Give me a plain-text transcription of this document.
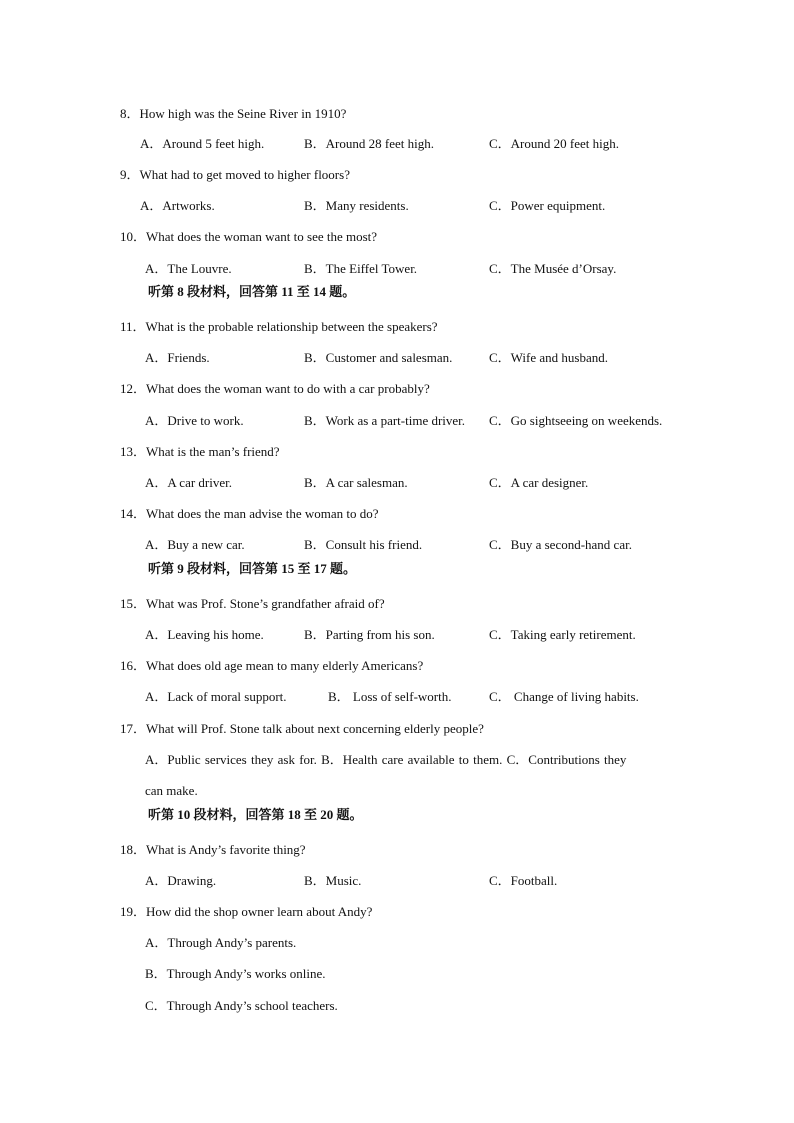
8．How high was the Seine River in 1910?
A．Around 5 feet high.	B．Around 28 feet high.	C．Around 20 feet high.
9．What had to get moved to higher floors?
A．Artworks.	B．Many residents.	C．Power equipment.
10．What does the woman want to see the most?
A．The Louvre.	B．The Eiffel Tower.	C．The Musée d’Orsay.
听第 8 段材料，回答第 11 至 14 题。
11．What is the probable relationship between the speakers?
A．Friends.	B．Customer and salesman.	C．Wife and husband.
12．What does the woman want to do with a car probably?
A．Drive to work.	B．Work as a part-time driver. C．Go sightseeing on weekends.
13．What is the man’s friend?
A．A car driver.	B．A car salesman.	C．A car designer.
14．What does the man advise the woman to do?
A．Buy a new car.	B．Consult his friend.	C．Buy a second-hand car.
听第 9 段材料，回答第 15 至 17 题。
15．What was Prof. Stone’s grandfather afraid of?
A．Leaving his home.	B．Parting from his son.	C．Taking early retirement.
16．What does old age mean to many elderly Americans?
A．Lack of moral support.	B． Loss of self-worth.	C． Change of living habits.
17．What will Prof. Stone talk about next concerning elderly people?
A．Public services they ask for. B．Health care available to them. C．Contributions they
can make.
听第 10 段材料，回答第 18 至 20 题。
18．What is Andy’s favorite thing?
A．Drawing.	B．Music.	C．Football.
19．How did the shop owner learn about Andy?
A．Through Andy’s parents.
B．Through Andy’s works online.
C．Through Andy’s school teachers.
